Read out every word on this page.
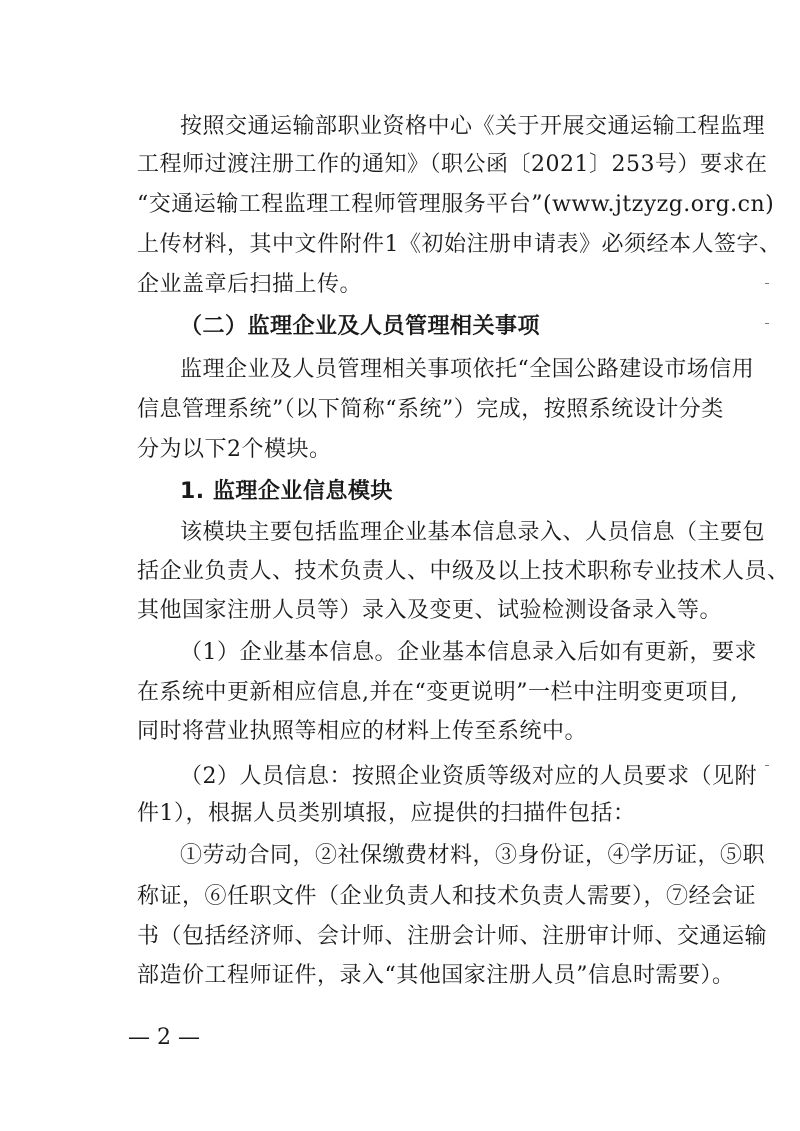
按照交通运输部职业资格中心《关于开展交通运输工程监理
工程师过渡注册工作的通知》（职公函〔2021〕253号）要求在
“交通运输工程监理工程师管理服务平台”(www.jtzyzg.org.cn)
上传材料，其中文件附件1《初始注册申请表》必须经本人签字、
企业盖章后扫描上传。
（二）监理企业及人员管理相关事项
监理企业及人员管理相关事项依托“全国公路建设市场信用
信息管理系统”（以下简称“系统”）完成，按照系统设计分类
分为以下2个模块。
1. 监理企业信息模块
该模块主要包括监理企业基本信息录入、人员信息（主要包
括企业负责人、技术负责人、中级及以上技术职称专业技术人员、
其他国家注册人员等）录入及变更、试验检测设备录入等。
（1）企业基本信息。企业基本信息录入后如有更新，要求
在系统中更新相应信息,并在“变更说明”一栏中注明变更项目,
同时将营业执照等相应的材料上传至系统中。
（2）人员信息：按照企业资质等级对应的人员要求（见附
件1），根据人员类别填报，应提供的扫描件包括：
①劳动合同，②社保缴费材料，③身份证，④学历证，⑤职
称证，⑥任职文件（企业负责人和技术负责人需要），⑦经会证
书（包括经济师、会计师、注册会计师、注册审计师、交通运输
部造价工程师证件，录入“其他国家注册人员”信息时需要）。
— 2 —
